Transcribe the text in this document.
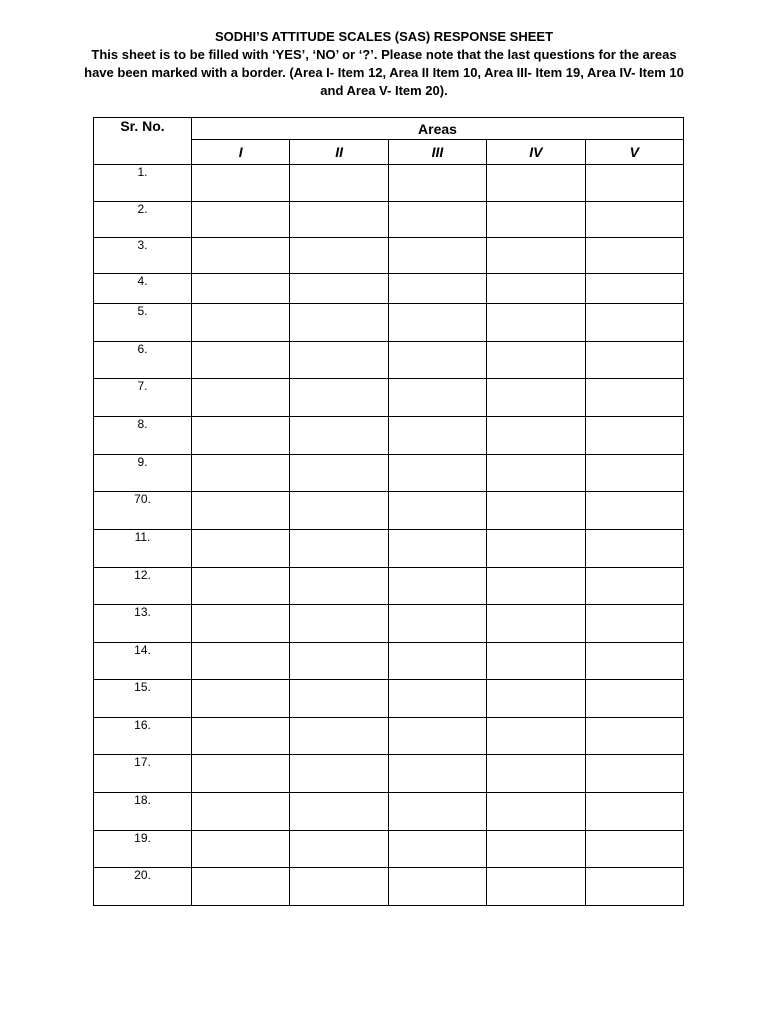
SODHI’S ATTITUDE SCALES (SAS) RESPONSE SHEET
This sheet is to be filled with ‘YES’, ‘NO’ or ‘?’. Please note that the last questions for the areas have been marked with a border. (Area I- Item 12, Area II Item 10, Area III- Item 19, Area IV- Item 10 and Area V- Item 20).
Sr. No.	Areas				
	I	II	III	IV	V
1.					
2.					
3.					
4.					
5.					
6.					
7.					
8.					
9.					
70.					
11.					
12.					
13.					
14.					
15.					
16.					
17.					
18.					
19.					
20.					
